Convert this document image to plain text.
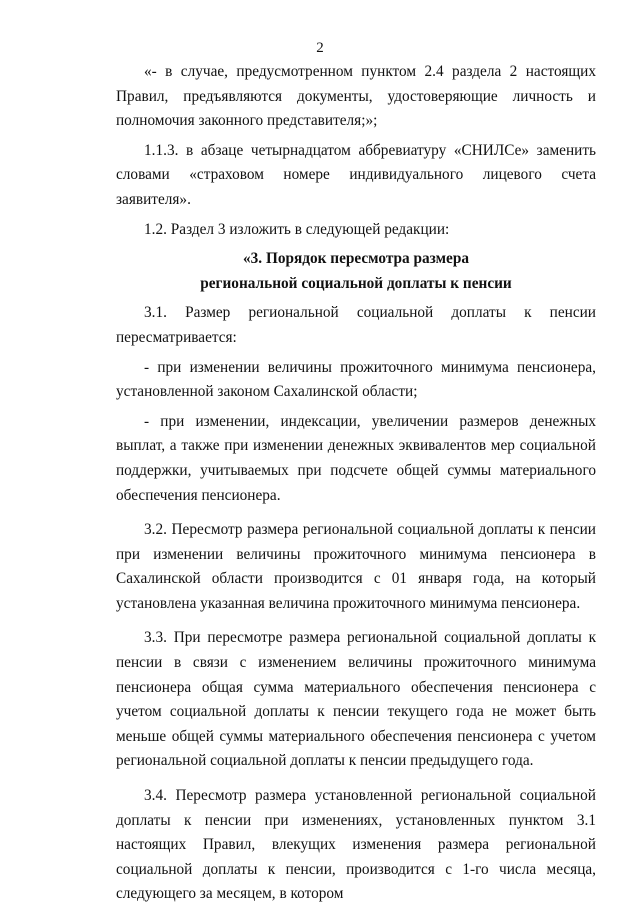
2

«- в случае, предусмотренном пунктом 2.4 раздела 2 настоящих Правил, предъявляются документы, удостоверяющие личность и полномочия законного представителя;»;

1.1.3. в абзаце четырнадцатом аббревиатуру «СНИЛСе» заменить словами «страховом номере индивидуального лицевого счета заявителя».

1.2. Раздел 3 изложить в следующей редакции:

«3. Порядок пересмотра размера

региональной социальной доплаты к пенсии

3.1. Размер региональной социальной доплаты к пенсии пересматривается:

- при изменении величины прожиточного минимума пенсионера, установленной законом Сахалинской области;

- при изменении, индексации, увеличении размеров денежных выплат, а также при изменении денежных эквивалентов мер социальной поддержки, учитываемых при подсчете общей суммы материального обеспечения пенсионера.

3.2. Пересмотр размера региональной социальной доплаты к пенсии при изменении величины прожиточного минимума пенсионера в Сахалинской области производится с 01 января года, на который установлена указанная величина прожиточного минимума пенсионера.

3.3. При пересмотре размера региональной социальной доплаты к пенсии в связи с изменением величины прожиточного минимума пенсионера общая сумма материального обеспечения пенсионера с учетом социальной доплаты к пенсии текущего года не может быть меньше общей суммы материального обеспечения пенсионера с учетом региональной социальной доплаты к пенсии предыдущего года.

3.4. Пересмотр размера установленной региональной социальной доплаты к пенсии при изменениях, установленных пунктом 3.1 настоящих Правил, влекущих изменения размера региональной социальной доплаты к пенсии, производится с 1-го числа месяца, следующего за месяцем, в котором
